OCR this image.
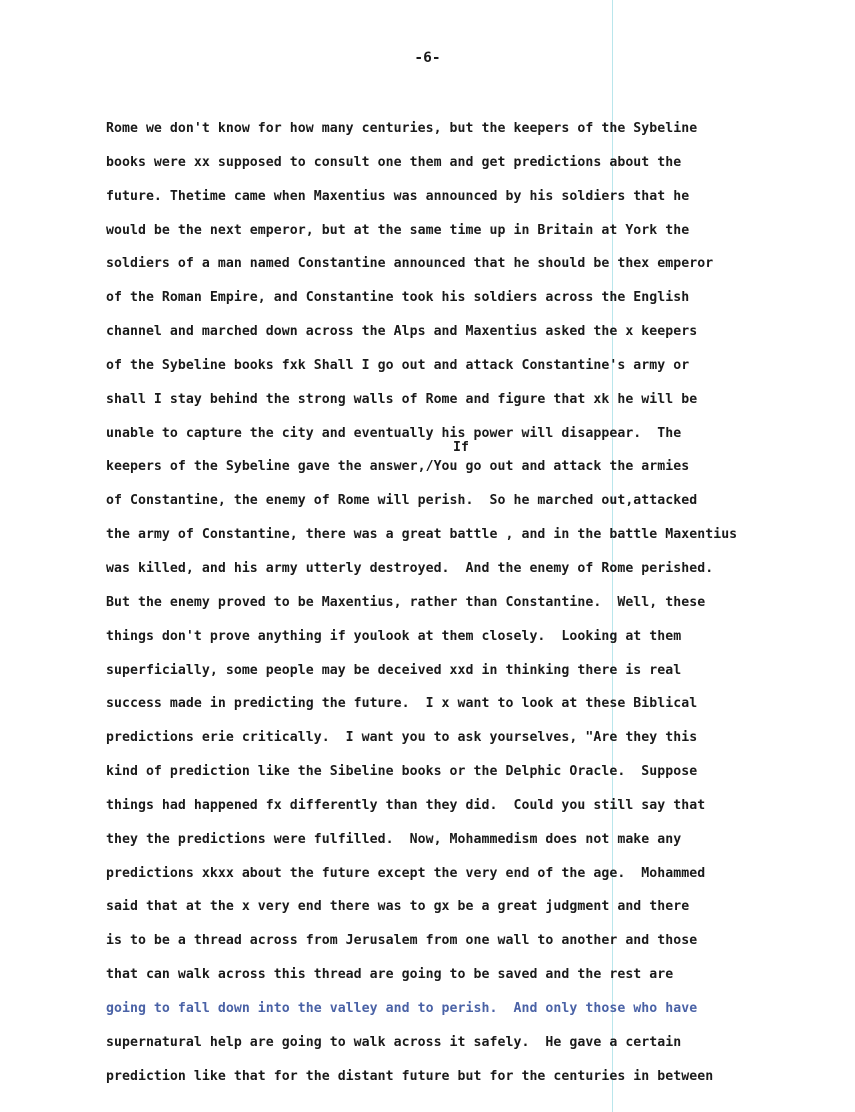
-6-
If
Rome we don't know for how many centuries, but the keepers of the Sybeline
books were xx supposed to consult one them and get predictions about the
future. Thetime came when Maxentius was announced by his soldiers that he
would be the next emperor, but at the same time up in Britain at York the
soldiers of a man named Constantine announced that he should be thex emperor
of the Roman Empire, and Constantine took his soldiers across the English
channel and marched down across the Alps and Maxentius asked the x keepers
of the Sybeline books fxk Shall I go out and attack Constantine's army or
shall I stay behind the strong walls of Rome and figure that xk he will be
unable to capture the city and eventually his power will disappear.  The
keepers of the Sybeline gave the answer,/You go out and attack the armies
of Constantine, the enemy of Rome will perish.  So he marched out,attacked
the army of Constantine, there was a great battle , and in the battle Maxentius
was killed, and his army utterly destroyed.  And the enemy of Rome perished.
But the enemy proved to be Maxentius, rather than Constantine.  Well, these
things don't prove anything if youlook at them closely.  Looking at them
superficially, some people may be deceived xxd in thinking there is real
success made in predicting the future.  I x want to look at these Biblical
predictions erie critically.  I want you to ask yourselves, "Are they this
kind of prediction like the Sibeline books or the Delphic Oracle.  Suppose
things had happened fx differently than they did.  Could you still say that
they the predictions were fulfilled.  Now, Mohammedism does not make any
predictions xkxx about the future except the very end of the age.  Mohammed
said that at the x very end there was to gx be a great judgment and there
is to be a thread across from Jerusalem from one wall to another and those
that can walk across this thread are going to be saved and the rest are
going to fall down into the valley and to perish.  And only those who have
supernatural help are going to walk across it safely.  He gave a certain
prediction like that for the distant future but for the centuries in between
